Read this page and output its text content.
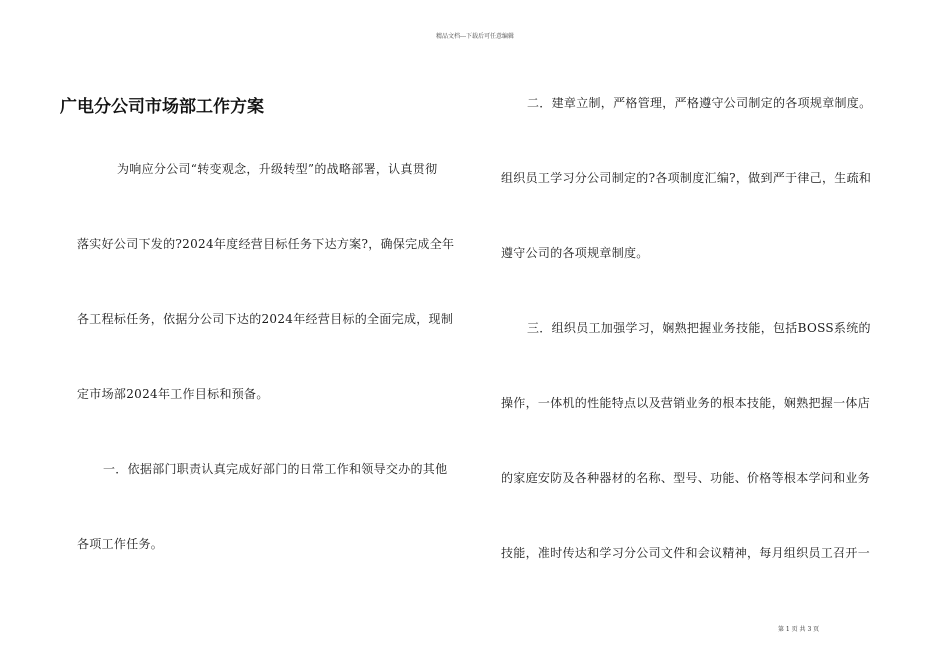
精品文档---下载后可任意编辑
广电分公司市场部工作方案
为响应分公司“转变观念，升级转型”的战略部署，认真贯彻
落实好公司下发的?2024年度经营目标任务下达方案?，确保完成全年
各工程标任务，依据分公司下达的2024年经营目标的全面完成，现制
定市场部2024年工作目标和预备。
一．依据部门职责认真完成好部门的日常工作和领导交办的其他
各项工作任务。
二．建章立制，严格管理，严格遵守公司制定的各项规章制度。
组织员工学习分公司制定的?各项制度汇编?，做到严于律己，生疏和
遵守公司的各项规章制度。
三．组织员工加强学习，娴熟把握业务技能，包括BOSS系统的
操作，一体机的性能特点以及营销业务的根本技能，娴熟把握一体店
的家庭安防及各种器材的名称、型号、功能、价格等根本学问和业务
技能，准时传达和学习分公司文件和会议精神，每月组织员工召开一
第 1 页 共 3 页
